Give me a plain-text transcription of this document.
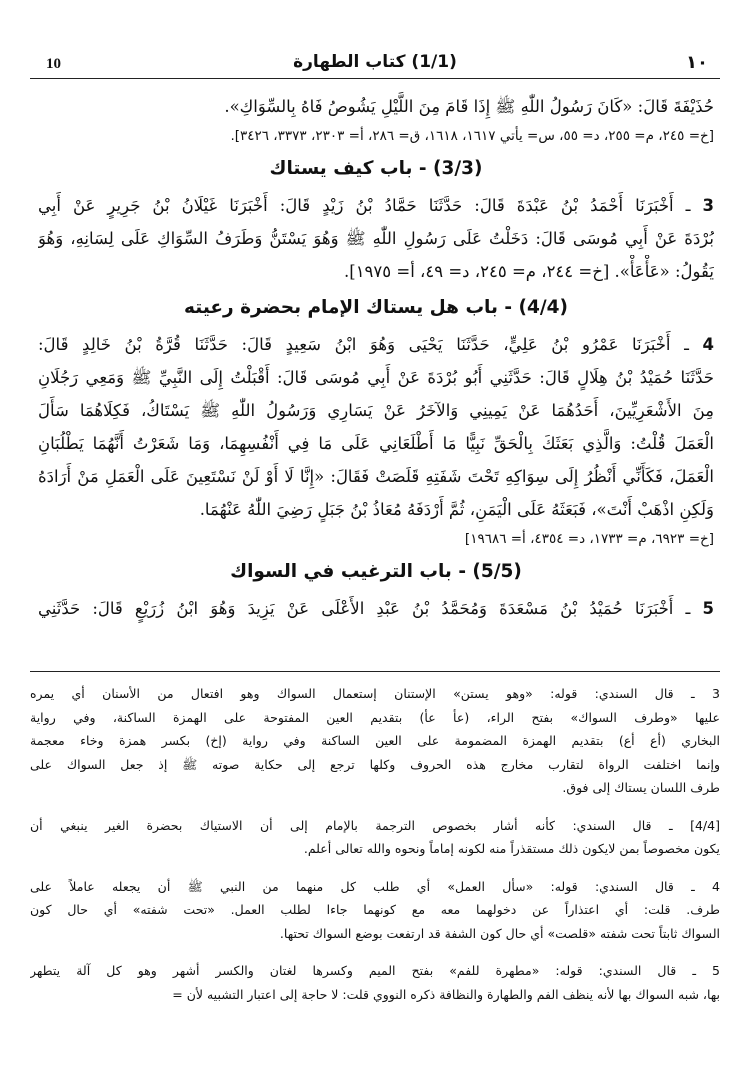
10	(1/1) كتاب الطهارة	١٠
حُذَيْفَةَ قَالَ: «كَانَ رَسُولُ اللّٰهِ ﷺ إِذَا قَامَ مِنَ اللَّيْلِ يَشُوصُ فَاهُ بِالسِّوَاكِ».
[خ= ٢٤٥، م= ٢٥٥، د= ٥٥، س= يأتي ١٦١٧، ١٦١٨، ق= ٢٨٦، أ= ٢٣٠٣، ٣٣٧٣، ٣٤٢٦].
(3/3) - باب كيف يستاك
3 ـ أَخْبَرَنَا أَحْمَدُ بْنُ عَبْدَةَ قَالَ: حَدَّثَنَا حَمَّادُ بْنُ زَيْدٍ قَالَ: أَخْبَرَنَا غَيْلَانُ بْنُ جَرِيرٍ عَنْ أَبِي
بُرْدَةَ عَنْ أَبِي مُوسَى قَالَ: دَخَلْتُ عَلَى رَسُولِ اللّٰهِ ﷺ وَهُوَ يَسْتَنُّ وَطَرَفُ السِّوَاكِ عَلَى لِسَانِهِ، وَهُوَ
يَقُولُ: «عَأْعَأْ». [خ= ٢٤٤، م= ٢٤٥، د= ٤٩، أ= ١٩٧٥].
(4/4) - باب هل يستاك الإمام بحضرة رعيته
4 ـ أَخْبَرَنَا عَمْرُو بْنُ عَلِيٍّ، حَدَّثَنَا يَحْيَى وَهُوَ ابْنُ سَعِيدٍ قَالَ: حَدَّثَنَا قُرَّةُ بْنُ خَالِدٍ قَالَ:
حَدَّثَنَا حُمَيْدُ بْنُ هِلَالٍ قَالَ: حَدَّثَنِي أَبُو بُرْدَةَ عَنْ أَبِي مُوسَى قَالَ: أَقْبَلْتُ إِلَى النَّبِيِّ ﷺ وَمَعِي رَجُلَانِ
مِنَ الأَشْعَرِيِّينَ، أَحَدُهُمَا عَنْ يَمِينِي وَالآخَرُ عَنْ يَسَارِي وَرَسُولُ اللّٰهِ ﷺ يَسْتَاكُ، فَكِلَاهُمَا سَأَلَ
الْعَمَلَ قُلْتُ: وَالَّذِي بَعَثَكَ بِالْحَقِّ نَبِيًّا مَا أَطْلَعَانِي عَلَى مَا فِي أَنْفُسِهِمَا، وَمَا شَعَرْتُ أَنَّهُمَا يَطْلُبَانِ
الْعَمَلَ، فَكَأَنِّي أَنْظُرُ إِلَى سِوَاكِهِ تَحْتَ شَفَتِهِ قَلَصَتْ فَقَالَ: «إِنَّا لَا أَوْ لَنْ نَسْتَعِينَ عَلَى الْعَمَلِ مَنْ أَرَادَهُ
وَلَكِنِ اذْهَبْ أَنْتَ»، فَبَعَثَهُ عَلَى الْيَمَنِ، ثُمَّ أَرْدَفَهُ مُعَاذُ بْنُ جَبَلٍ رَضِيَ اللّٰهُ عَنْهُمَا.
[خ= ٦٩٢٣، م= ١٧٣٣، د= ٤٣٥٤، أ= ١٩٦٨٦]
(5/5) - باب الترغيب في السواك
5 ـ أَخْبَرَنَا حُمَيْدُ بْنُ مَسْعَدَةَ وَمُحَمَّدُ بْنُ عَبْدِ الأَعْلَى عَنْ يَزِيدَ وَهُوَ ابْنُ زُرَيْعٍ قَالَ: حَدَّثَنِي
3 ـ قال السندي: قوله: «وهو يستن» الإستنان إستعمال السواك وهو افتعال من الأسنان أي يمره
عليها «وطرف السواك» بفتح الراء، (عأ عأ) بتقديم العين المفتوحة على الهمزة الساكنة، وفي رواية
البخاري (أع أع) بتقديم الهمزة المضمومة على العين الساكنة وفي رواية (إخ) بكسر همزة وخاء معجمة
وإنما اختلفت الرواة لتقارب مخارج هذه الحروف وكلها ترجع إلى حكاية صوته ﷺ إذ جعل السواك على
طرف اللسان يستاك إلى فوق.
[4/4] ـ قال السندي: كأنه أشار بخصوص الترجمة بالإمام إلى أن الاستياك بحضرة الغير ينبغي أن
يكون مخصوصاً بمن لايكون ذلك مستقذراً منه لكونه إماماً ونحوه والله تعالى أعلم.
4 ـ قال السندي: قوله: «سأل العمل» أي طلب كل منهما من النبي ﷺ أن يجعله عاملاً على
طرف. قلت: أي اعتذاراً عن دخولهما معه مع كونهما جاءا لطلب العمل. «تحت شفته» أي حال كون
السواك ثابتاً تحت شفته «قلصت» أي حال كون الشفة قد ارتفعت بوضع السواك تحتها.
5 ـ قال السندي: قوله: «مطهرة للفم» بفتح الميم وكسرها لغتان والكسر أشهر وهو كل آلة يتطهر
بها، شبه السواك بها لأنه ينظف الفم والطهارة والنظافة ذكره النووي قلت: لا حاجة إلى اعتبار التشبيه لأن =
